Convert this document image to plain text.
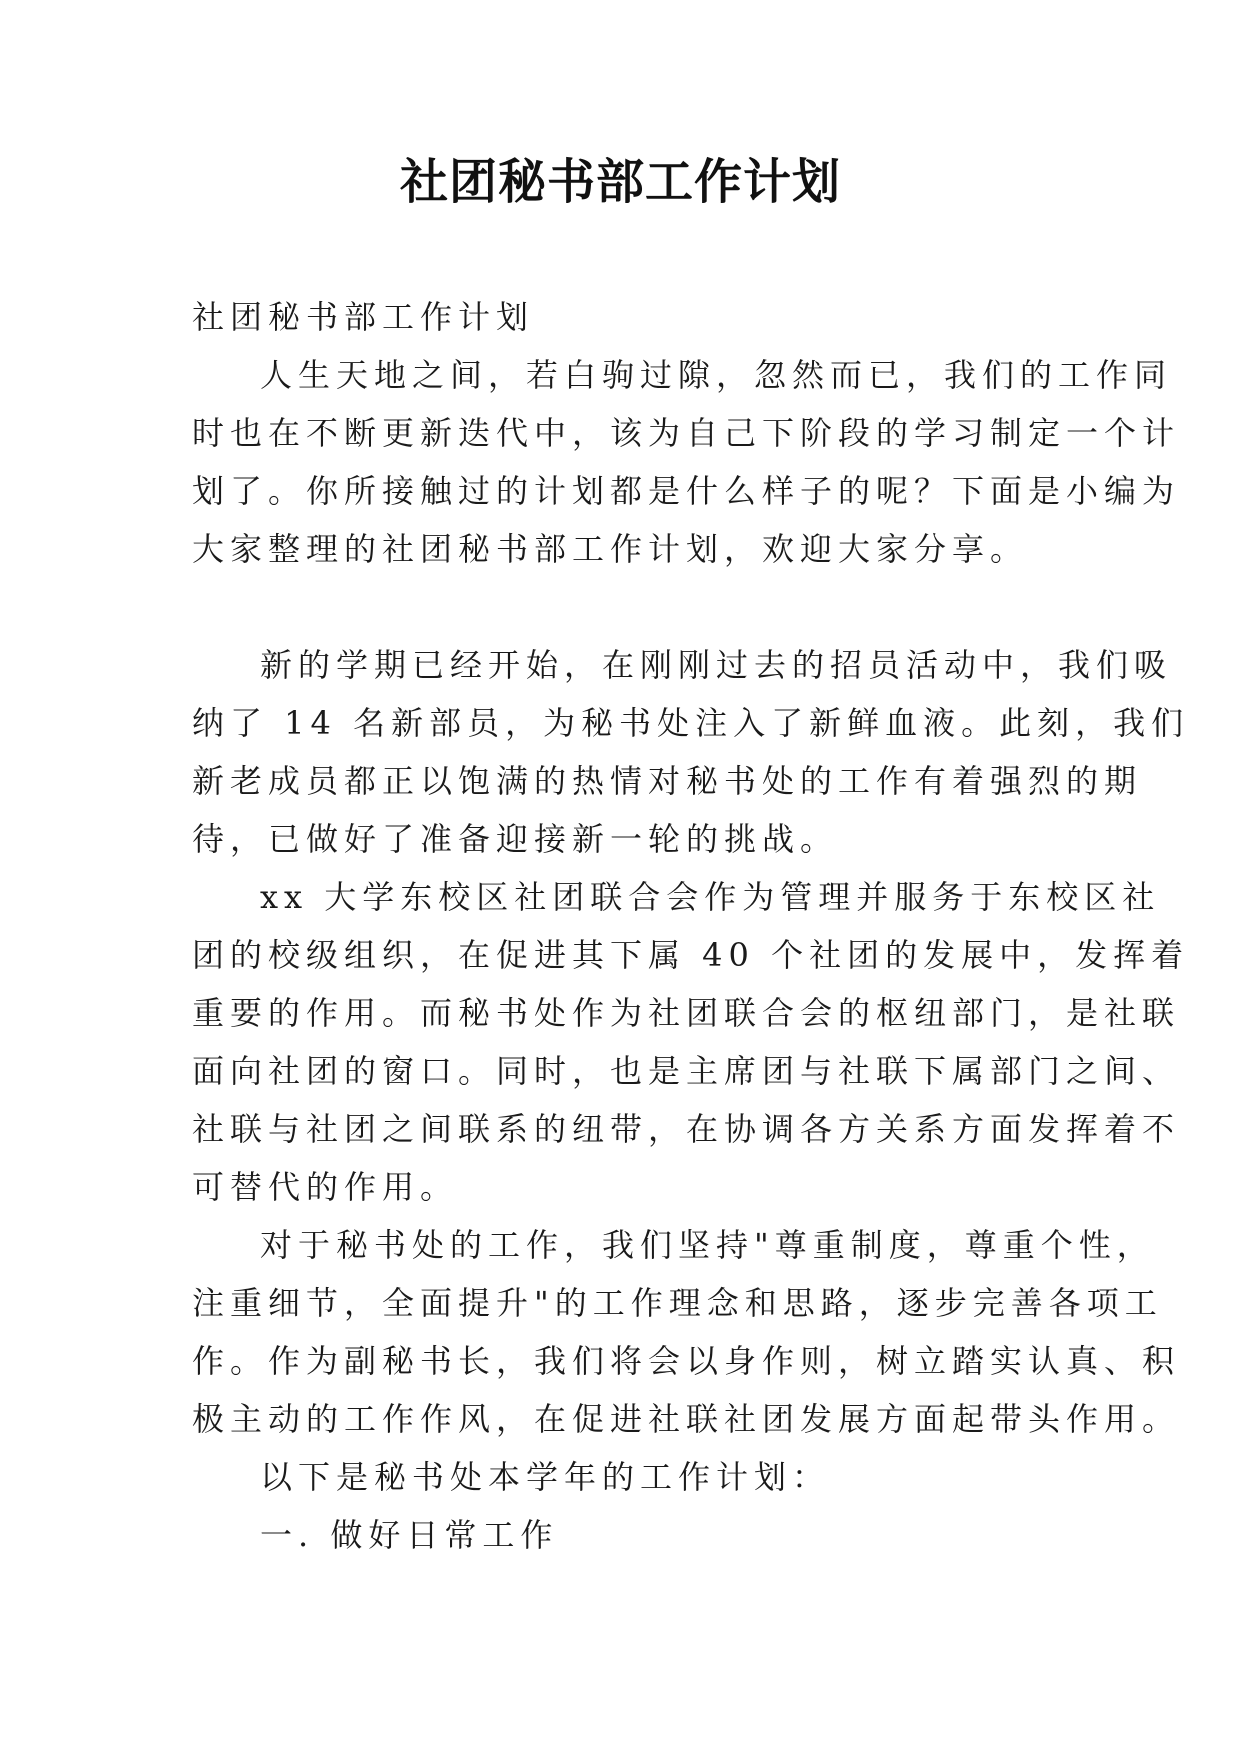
社团秘书部工作计划

社团秘书部工作计划

人生天地之间，若白驹过隙，忽然而已，我们的工作同
时也在不断更新迭代中，该为自己下阶段的学习制定一个计
划了。你所接触过的计划都是什么样子的呢？下面是小编为
大家整理的社团秘书部工作计划，欢迎大家分享。

新的学期已经开始，在刚刚过去的招员活动中，我们吸
纳了 14 名新部员，为秘书处注入了新鲜血液。此刻，我们
新老成员都正以饱满的热情对秘书处的工作有着强烈的期
待，已做好了准备迎接新一轮的挑战。

xx 大学东校区社团联合会作为管理并服务于东校区社
团的校级组织，在促进其下属 40 个社团的发展中，发挥着
重要的作用。而秘书处作为社团联合会的枢纽部门，是社联
面向社团的窗口。同时，也是主席团与社联下属部门之间、
社联与社团之间联系的纽带，在协调各方关系方面发挥着不
可替代的作用。

对于秘书处的工作，我们坚持"尊重制度，尊重个性，
注重细节，全面提升"的工作理念和思路，逐步完善各项工
作。作为副秘书长，我们将会以身作则，树立踏实认真、积
极主动的工作作风，在促进社联社团发展方面起带头作用。

以下是秘书处本学年的工作计划：

一. 做好日常工作
